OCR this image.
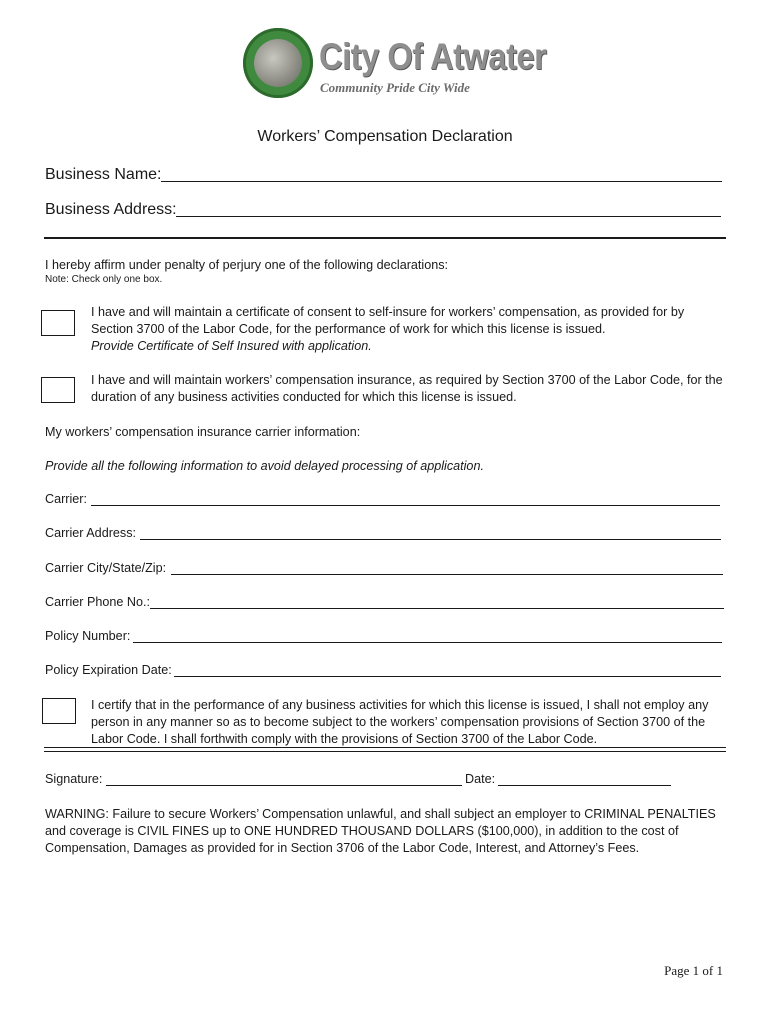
City Of Atwater
Community Pride City Wide
Workers’ Compensation Declaration
Business Name:
Business Address:
I hereby affirm under penalty of perjury one of the following declarations:
Note: Check only one box.
I have and will maintain a certificate of consent to self-insure for workers’ compensation, as provided for by
Section 3700 of the Labor Code, for the performance of work for which this license is issued.
Provide Certificate of Self Insured with application.
I have and will maintain workers’ compensation insurance, as required by Section 3700 of the Labor Code, for the
duration of any business activities conducted for which this license is issued.
My workers’ compensation insurance carrier information:
Provide all the following information to avoid delayed processing of application.
Carrier:
Carrier Address:
Carrier City/State/Zip:
Carrier Phone No.:
Policy Number:
Policy Expiration Date:
I certify that in the performance of any business activities for which this license is issued, I shall not employ any
person in any manner so as to become subject to the workers’ compensation provisions of Section 3700 of the
Labor Code. I shall forthwith comply with the provisions of Section 3700 of the Labor Code.
Signature:	Date:
WARNING: Failure to secure Workers’ Compensation unlawful, and shall subject an employer to CRIMINAL PENALTIES
and coverage is CIVIL FINES up to ONE HUNDRED THOUSAND DOLLARS ($100,000), in addition to the cost of
Compensation, Damages as provided for in Section 3706 of the Labor Code, Interest, and Attorney’s Fees.
Page 1 of 1
